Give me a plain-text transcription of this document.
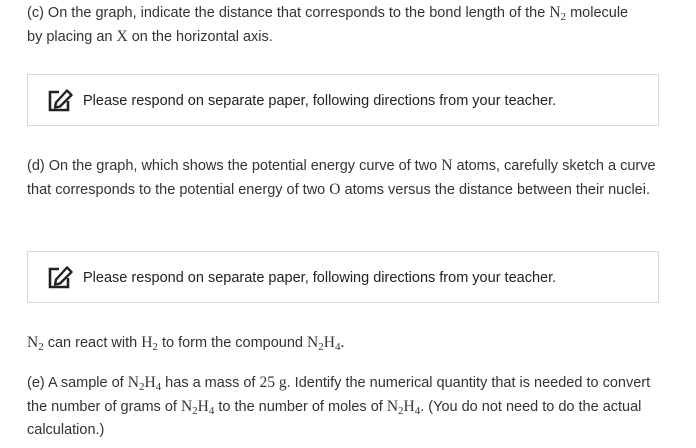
(c) On the graph, indicate the distance that corresponds to the bond length of the $N_2$ molecule
by placing an X on the horizontal axis.

Please respond on separate paper, following directions from your teacher.

(d) On the graph, which shows the potential energy curve of two N atoms, carefully sketch a curve that corresponds to the potential energy of two O atoms versus the distance between their nuclei.

Please respond on separate paper, following directions from your teacher.

$N_2$ can react with $H_2$ to form the compound $N_2H_4$.

(e) A sample of $N_2H_4$ has a mass of 25 g. Identify the numerical quantity that is needed to convert the number of grams of $N_2H_4$ to the number of moles of $N_2H_4$. (You do not need to do the actual calculation.)
